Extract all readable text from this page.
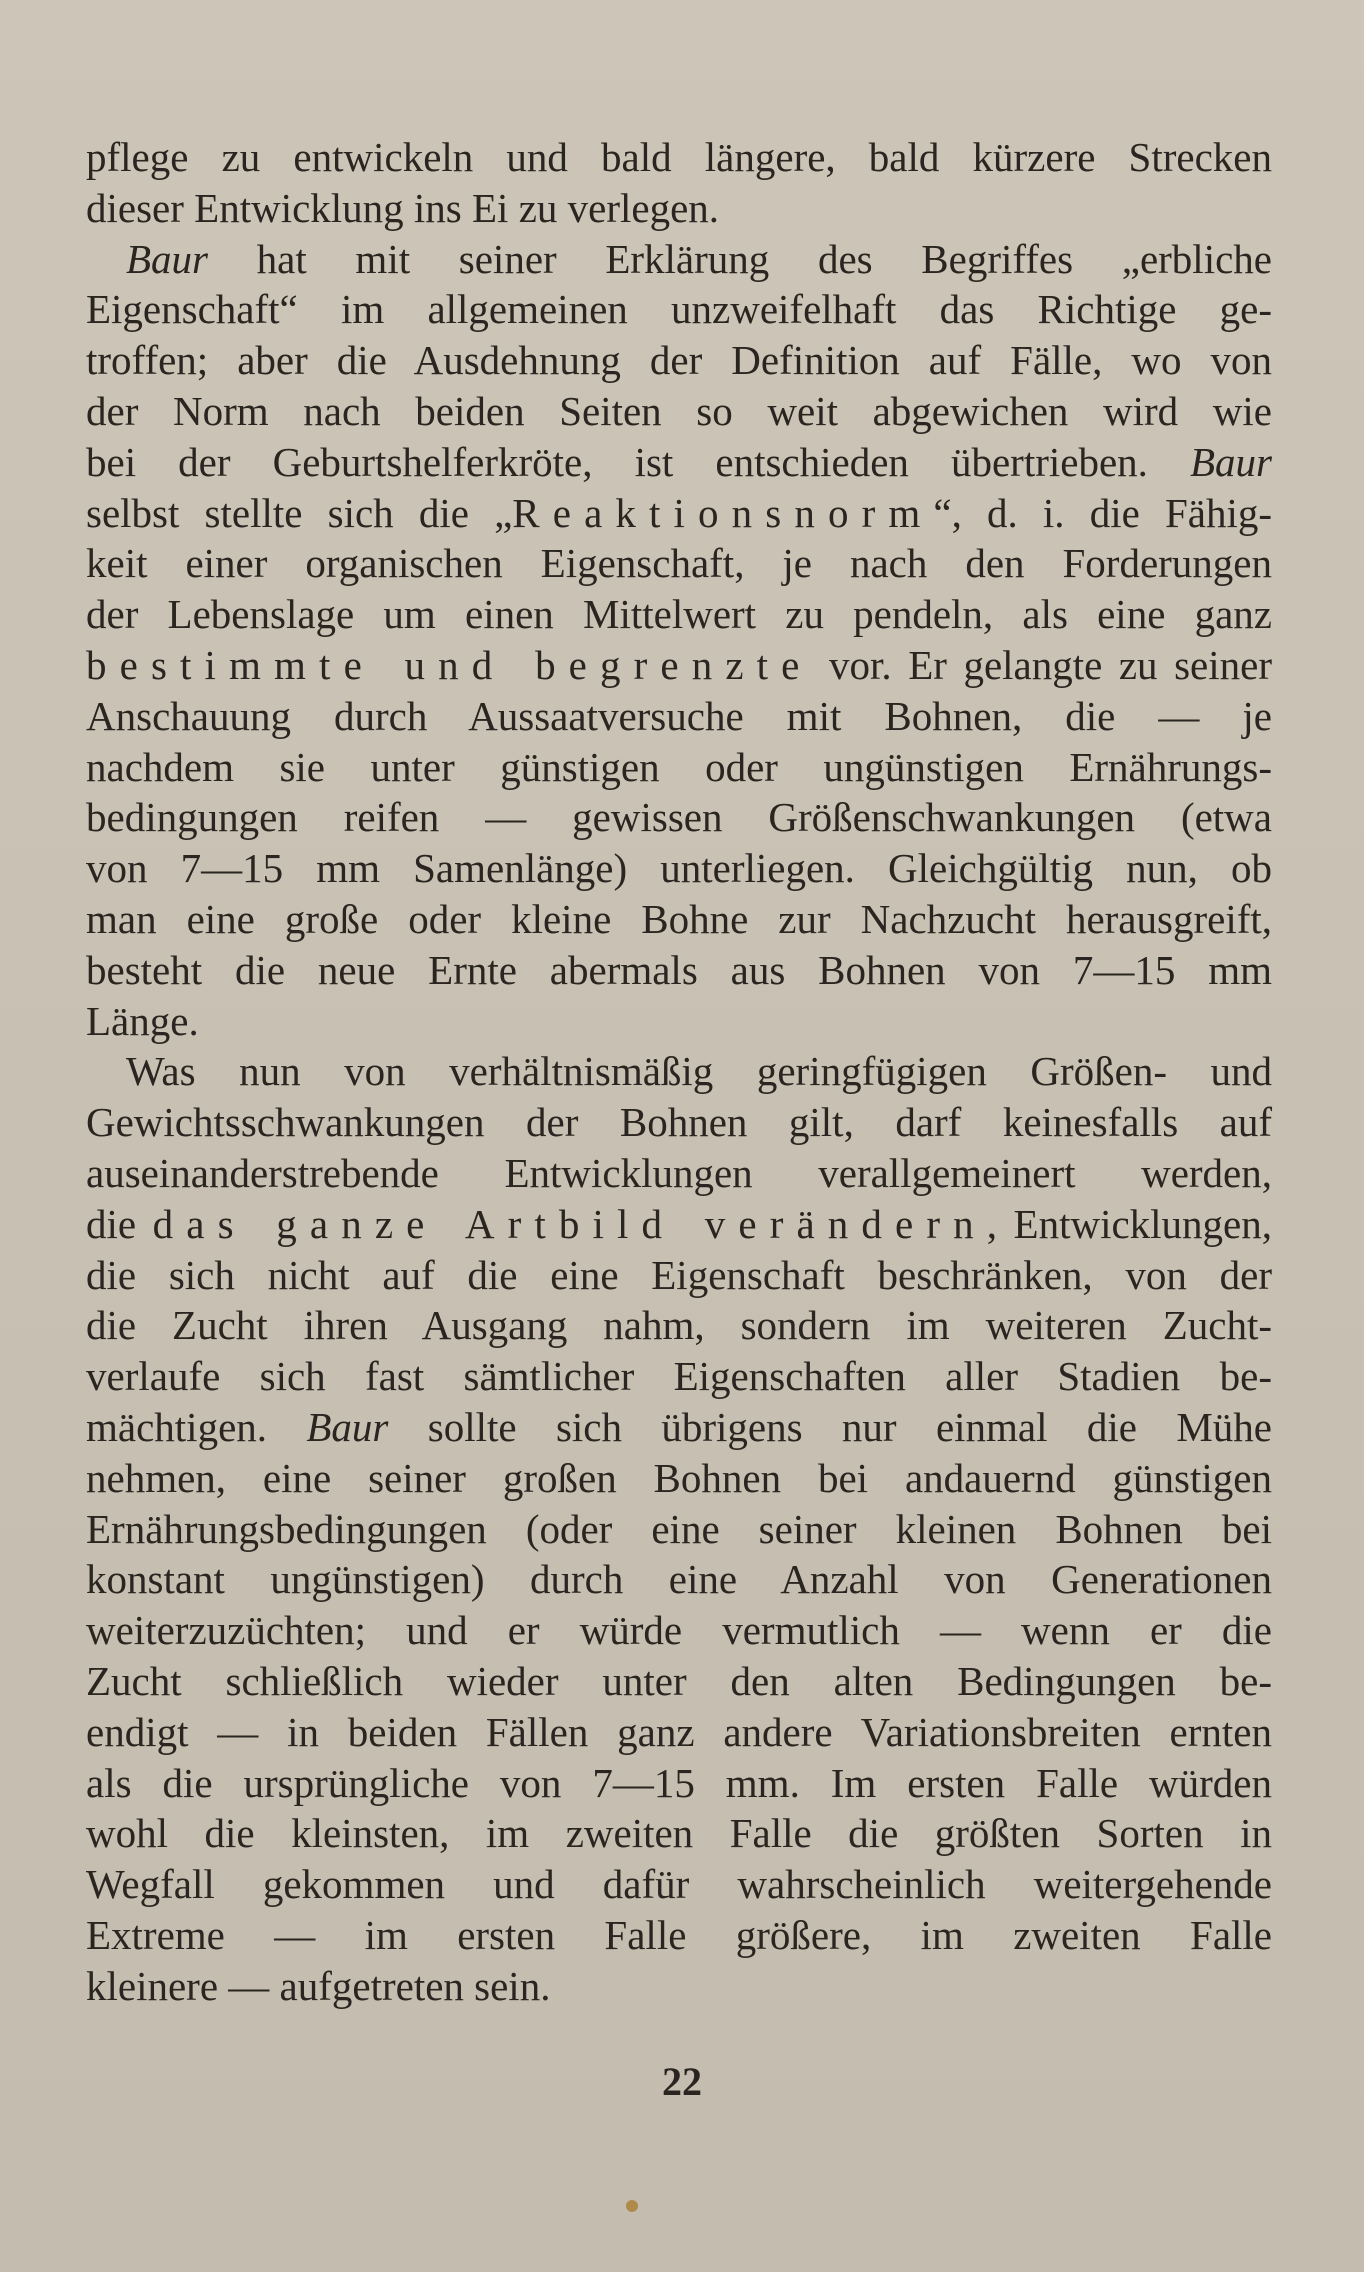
pflege zu entwickeln und bald längere, bald kürzere Strecken
dieser Entwicklung ins Ei zu verlegen.
Baur hat mit seiner Erklärung des Begriffes „erbliche
Eigenschaft“ im allgemeinen unzweifelhaft das Richtige ge-
troffen; aber die Ausdehnung der Definition auf Fälle, wo von
der Norm nach beiden Seiten so weit abgewichen wird wie
bei der Geburtshelferkröte, ist entschieden übertrieben. Baur
selbst stellte sich die „Reaktionsnorm“, d. i. die Fähig-
keit einer organischen Eigenschaft, je nach den Forderungen
der Lebenslage um einen Mittelwert zu pendeln, als eine ganz
bestimmte und begrenzte vor. Er gelangte zu seiner
Anschauung durch Aussaatversuche mit Bohnen, die — je
nachdem sie unter günstigen oder ungünstigen Ernährungs-
bedingungen reifen — gewissen Größenschwankungen (etwa
von 7—15 mm Samenlänge) unterliegen. Gleichgültig nun, ob
man eine große oder kleine Bohne zur Nachzucht herausgreift,
besteht die neue Ernte abermals aus Bohnen von 7—15 mm
Länge.
Was nun von verhältnismäßig geringfügigen Größen- und
Gewichtsschwankungen der Bohnen gilt, darf keinesfalls auf
auseinanderstrebende Entwicklungen verallgemeinert werden,
die das ganze Artbild verändern, Entwicklungen,
die sich nicht auf die eine Eigenschaft beschränken, von der
die Zucht ihren Ausgang nahm, sondern im weiteren Zucht-
verlaufe sich fast sämtlicher Eigenschaften aller Stadien be-
mächtigen. Baur sollte sich übrigens nur einmal die Mühe
nehmen, eine seiner großen Bohnen bei andauernd günstigen
Ernährungsbedingungen (oder eine seiner kleinen Bohnen bei
konstant ungünstigen) durch eine Anzahl von Generationen
weiterzuzüchten; und er würde vermutlich — wenn er die
Zucht schließlich wieder unter den alten Bedingungen be-
endigt — in beiden Fällen ganz andere Variationsbreiten ernten
als die ursprüngliche von 7—15 mm. Im ersten Falle würden
wohl die kleinsten, im zweiten Falle die größten Sorten in
Wegfall gekommen und dafür wahrscheinlich weitergehende
Extreme — im ersten Falle größere, im zweiten Falle
kleinere — aufgetreten sein.
22
